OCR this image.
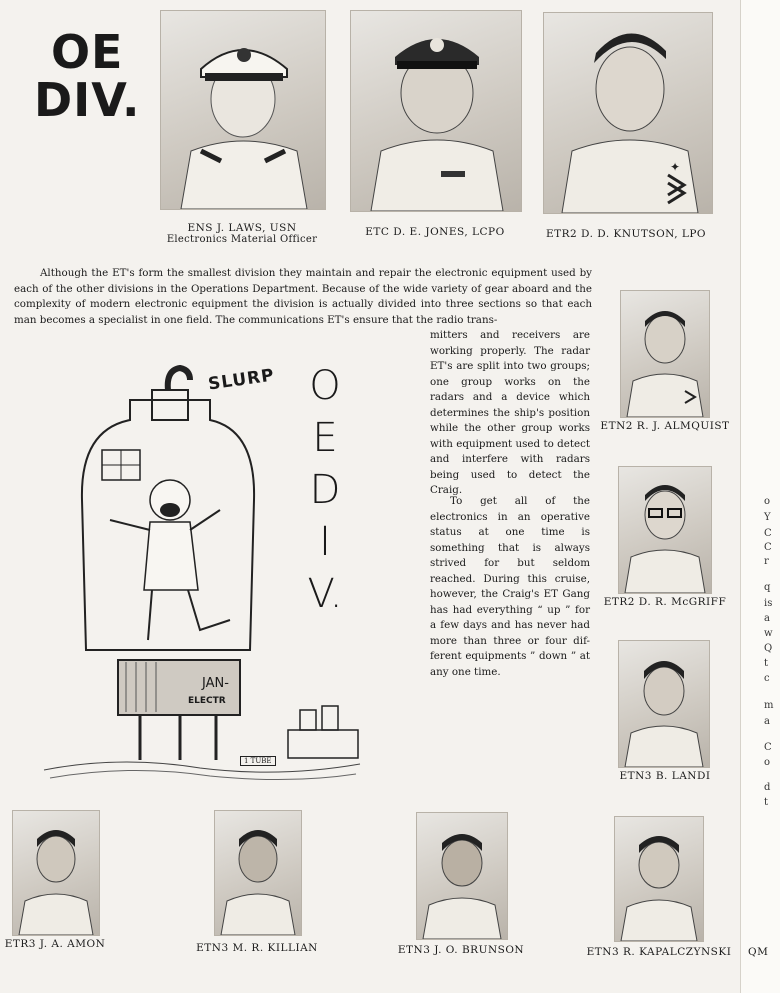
o
Y
C
C
r
q
is
a
w
Q
t
c
m
a
C
o
d
t
OE
DIV.
✦
ENS J. LAWS, USN
Electronics Material Officer
ETC D. E. JONES, LCPO	ETR2 D. D. KNUTSON, LPO

Although the ET's form the smallest division they maintain and repair the electronic equipment used by each of the other divisions in the Operations Department. Because of the wide variety of gear aboard and the complexity of modern electronic equipment the division is actually divided into three sections so that each man becomes a specialist in one field. The communications ET's ensure that the radio trans-

mitters and receivers are working properly. The radar ET's are split into two groups; one group works on the radars and a device which determines the ship's position while the other group works with equipment used to detect and interfere with radars being used to detect the Craig.

To get all of the electronics in an operative status at one time is something that is always strived for but seldom reached. During this cruise, however, the Craig's ET Gang has had everything “ up ” for a few days and has never had more than three or four dif-ferent equipments ” down ” at any one time.

SLURP
JAN-
ELECTR
1 TUBE
O
E
D
I
V.
ETN2 R. J. ALMQUIST
ETR2 D. R. McGRIFF
ETN3 B. LANDI
ETR3 J. A. AMON	ETN3 M. R. KILLIAN	ETN3 J. O. BRUNSON	ETN3 R. KAPALCZYNSKI QM
